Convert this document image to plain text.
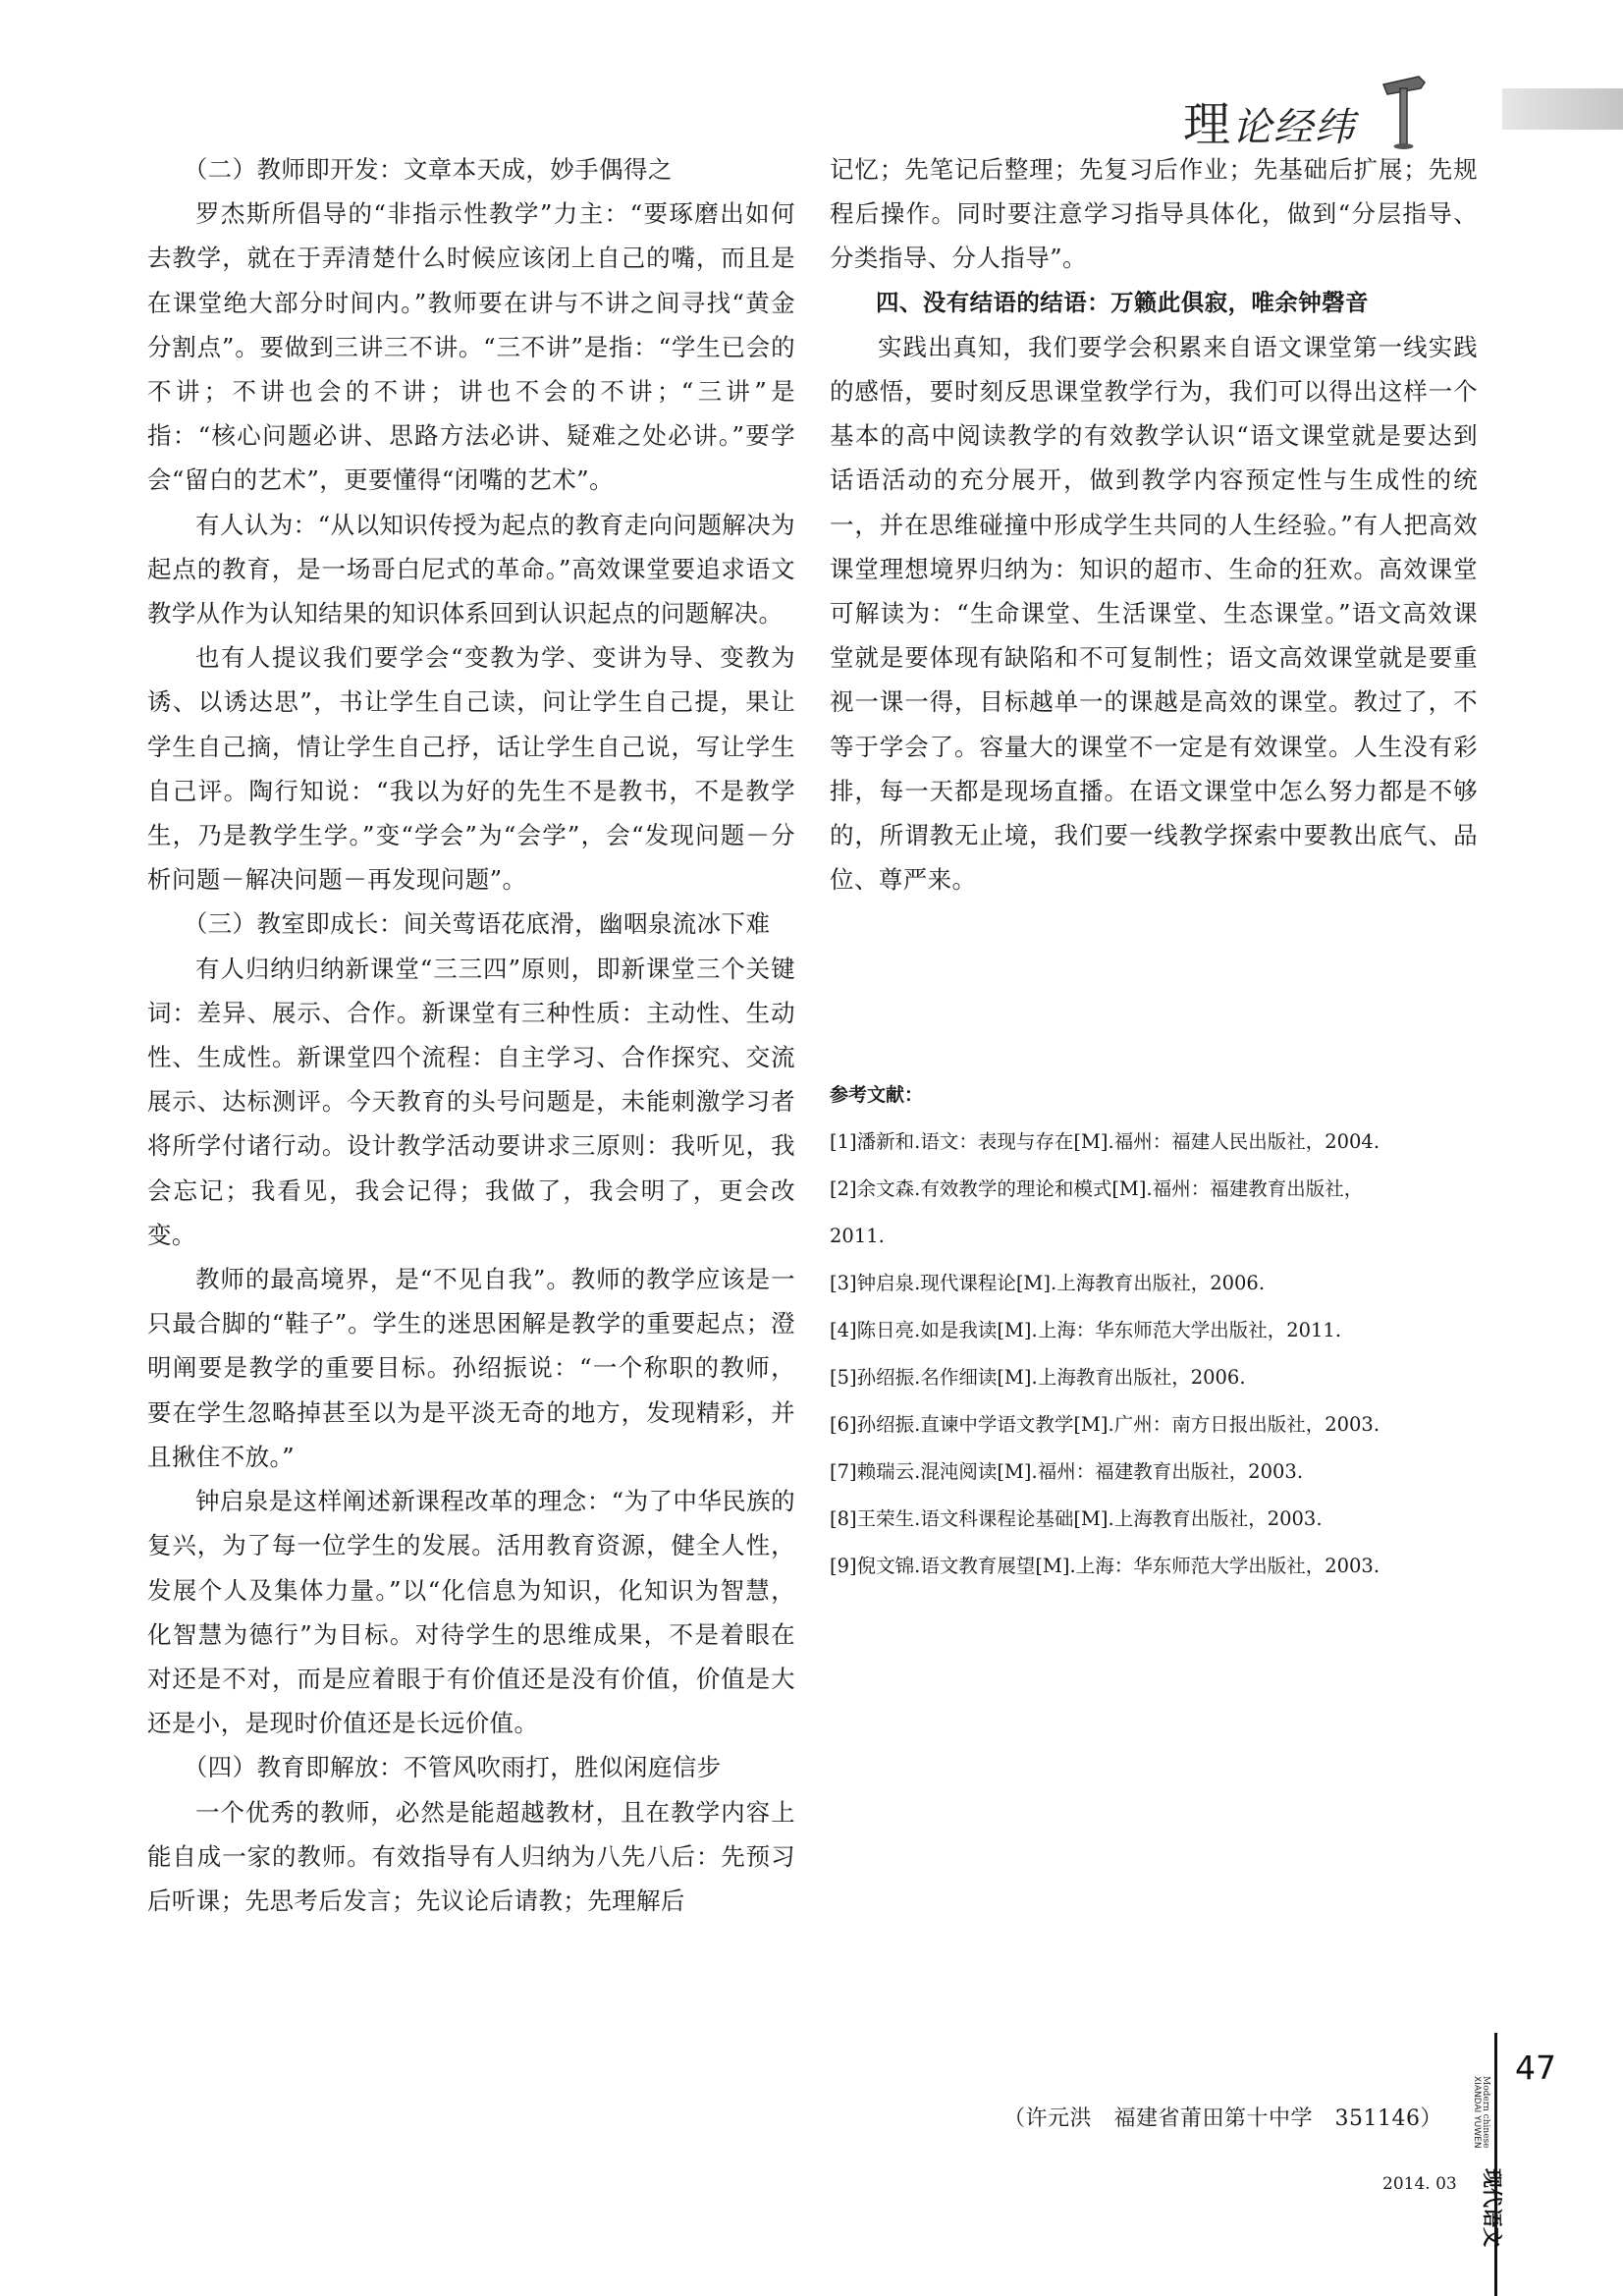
理论经纬

（二）教师即开发：文章本天成，妙手偶得之

罗杰斯所倡导的“非指示性教学”力主：“要琢磨出如何去教学，就在于弄清楚什么时候应该闭上自己的嘴，而且是在课堂绝大部分时间内。”教师要在讲与不讲之间寻找“黄金分割点”。要做到三讲三不讲。“三不讲”是指：“学生已会的不讲；不讲也会的不讲；讲也不会的不讲；“三讲”是指：“核心问题必讲、思路方法必讲、疑难之处必讲。”要学会“留白的艺术”，更要懂得“闭嘴的艺术”。

有人认为：“从以知识传授为起点的教育走向问题解决为起点的教育，是一场哥白尼式的革命。”高效课堂要追求语文教学从作为认知结果的知识体系回到认识起点的问题解决。

也有人提议我们要学会“变教为学、变讲为导、变教为诱、以诱达思”，书让学生自己读，问让学生自己提，果让学生自己摘，情让学生自己抒，话让学生自己说，写让学生自己评。陶行知说：“我以为好的先生不是教书，不是教学生，乃是教学生学。”变“学会”为“会学”，会“发现问题－分析问题－解决问题－再发现问题”。

（三）教室即成长：间关莺语花底滑，幽咽泉流冰下难

有人归纳归纳新课堂“三三四”原则，即新课堂三个关键词：差异、展示、合作。新课堂有三种性质：主动性、生动性、生成性。新课堂四个流程：自主学习、合作探究、交流展示、达标测评。今天教育的头号问题是，未能刺激学习者将所学付诸行动。设计教学活动要讲求三原则：我听见，我会忘记；我看见，我会记得；我做了，我会明了，更会改变。

教师的最高境界，是“不见自我”。教师的教学应该是一只最合脚的“鞋子”。学生的迷思困解是教学的重要起点；澄明阐要是教学的重要目标。孙绍振说：“一个称职的教师，要在学生忽略掉甚至以为是平淡无奇的地方，发现精彩，并且揪住不放。”

钟启泉是这样阐述新课程改革的理念：“为了中华民族的复兴，为了每一位学生的发展。活用教育资源，健全人性，发展个人及集体力量。”以“化信息为知识，化知识为智慧，化智慧为德行”为目标。对待学生的思维成果，不是着眼在对还是不对，而是应着眼于有价值还是没有价值，价值是大还是小，是现时价值还是长远价值。

（四）教育即解放：不管风吹雨打，胜似闲庭信步

一个优秀的教师，必然是能超越教材，且在教学内容上能自成一家的教师。有效指导有人归纳为八先八后：先预习后听课；先思考后发言；先议论后请教；先理解后

记忆；先笔记后整理；先复习后作业；先基础后扩展；先规程后操作。同时要注意学习指导具体化，做到“分层指导、分类指导、分人指导”。

四、没有结语的结语：万籁此俱寂，唯余钟磬音

实践出真知，我们要学会积累来自语文课堂第一线实践的感悟，要时刻反思课堂教学行为，我们可以得出这样一个基本的高中阅读教学的有效教学认识“语文课堂就是要达到话语活动的充分展开，做到教学内容预定性与生成性的统一，并在思维碰撞中形成学生共同的人生经验。”有人把高效课堂理想境界归纳为：知识的超市、生命的狂欢。高效课堂可解读为：“生命课堂、生活课堂、生态课堂。”语文高效课堂就是要体现有缺陷和不可复制性；语文高效课堂就是要重视一课一得，目标越单一的课越是高效的课堂。教过了，不等于学会了。容量大的课堂不一定是有效课堂。人生没有彩排，每一天都是现场直播。在语文课堂中怎么努力都是不够的，所谓教无止境，我们要一线教学探索中要教出底气、品位、尊严来。

参考文献：

[1]潘新和.语文：表现与存在[M].福州：福建人民出版社，2004.

[2]余文森.有效教学的理论和模式[M].福州：福建教育出版社，

2011.

[3]钟启泉.现代课程论[M].上海教育出版社，2006.

[4]陈日亮.如是我读[M].上海：华东师范大学出版社，2011.

[5]孙绍振.名作细读[M].上海教育出版社，2006.

[6]孙绍振.直谏中学语文教学[M].广州：南方日报出版社，2003.

[7]赖瑞云.混沌阅读[M].福州：福建教育出版社，2003.

[8]王荣生.语文科课程论基础[M].上海教育出版社，2003.

[9]倪文锦.语文教育展望[M].上海：华东师范大学出版社，2003.

（许元洪　福建省莆田第十中学　351146）
47
XIANDAI YUWEN Modern chinese
现代语文
2014. 03
